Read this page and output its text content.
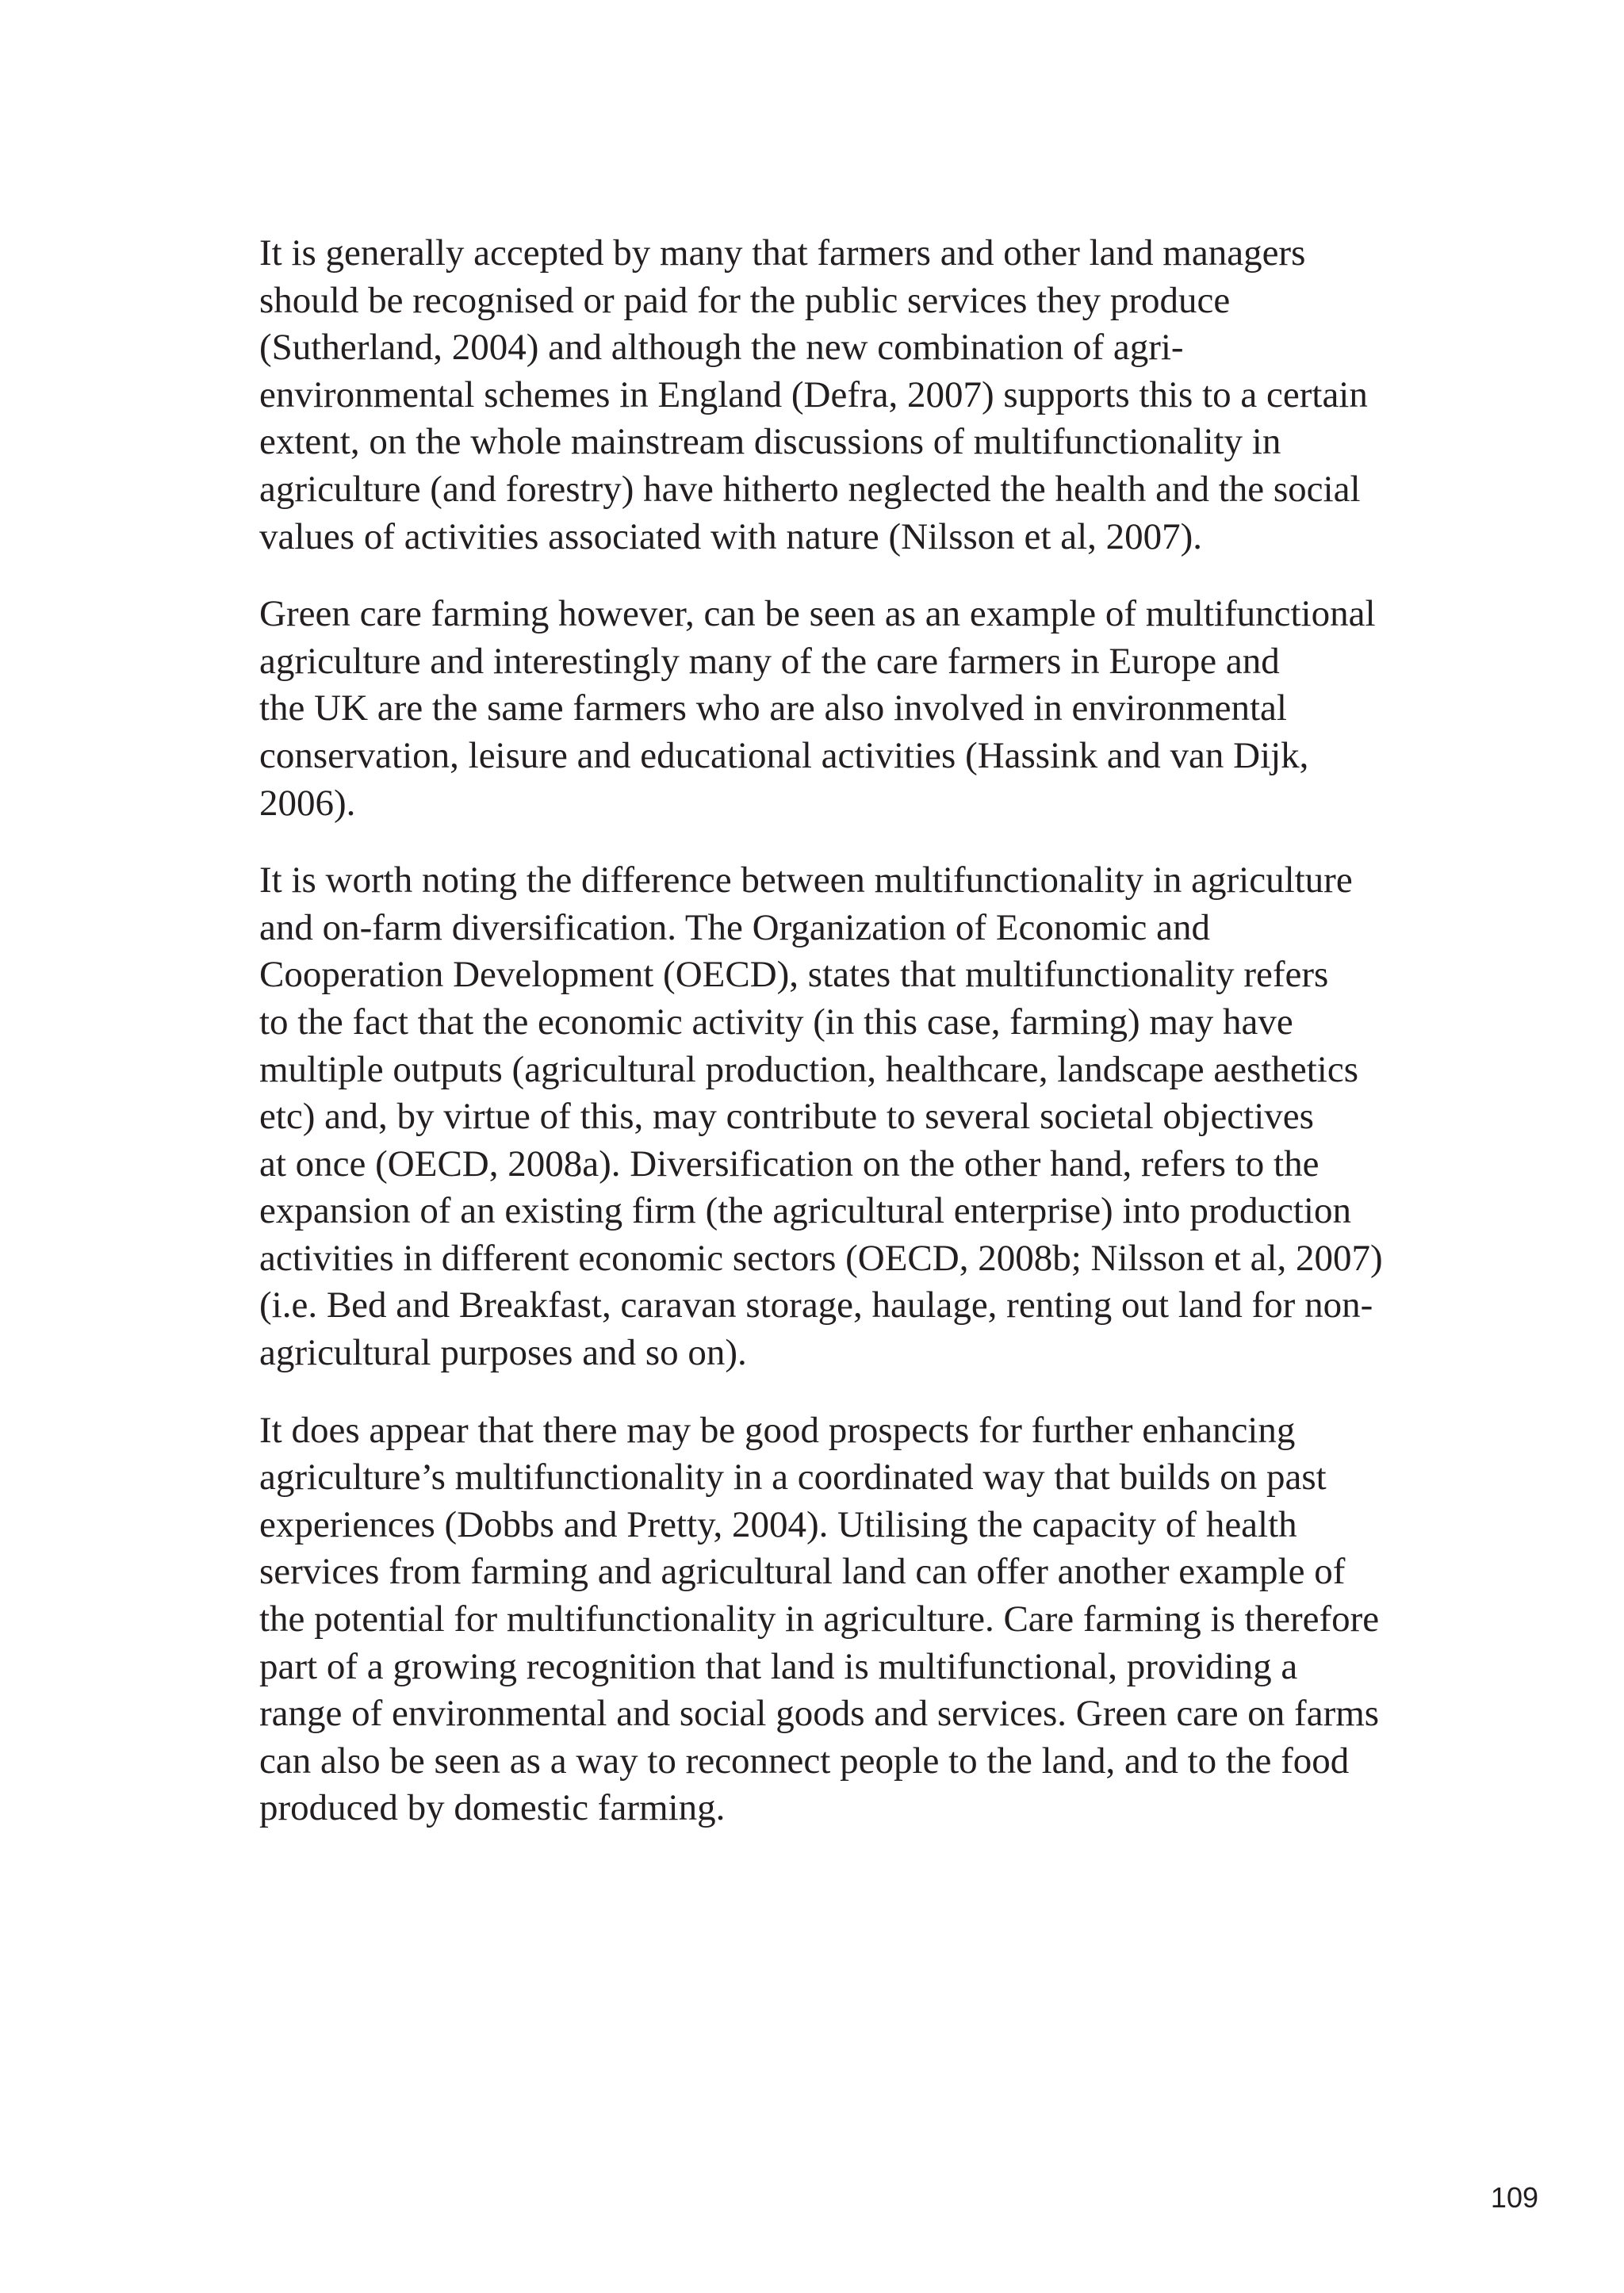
It is generally accepted by many that farmers and other land managers
should be recognised or paid for the public services they produce
(Sutherland, 2004) and although the new combination of agri-
environmental schemes in England (Defra, 2007) supports this to a certain
extent, on the whole mainstream discussions of multifunctionality in
agriculture (and forestry) have hitherto neglected the health and the social
values of activities associated with nature (Nilsson et al, 2007).

Green care farming however, can be seen as an example of multifunctional
agriculture and interestingly many of the care farmers in Europe and
the UK are the same farmers who are also involved in environmental
conservation, leisure and educational activities (Hassink and van Dijk,
2006).

It is worth noting the difference between multifunctionality in agriculture
and on-farm diversification. The Organization of Economic and
Cooperation Development (OECD), states that multifunctionality refers
to the fact that the economic activity (in this case, farming) may have
multiple outputs (agricultural production, healthcare, landscape aesthetics
etc) and, by virtue of this, may contribute to several societal objectives
at once (OECD, 2008a). Diversification on the other hand, refers to the
expansion of an existing firm (the agricultural enterprise) into production
activities in different economic sectors (OECD, 2008b; Nilsson et al, 2007)
(i.e. Bed and Breakfast, caravan storage, haulage, renting out land for non-
agricultural purposes and so on).

It does appear that there may be good prospects for further enhancing
agriculture’s multifunctionality in a coordinated way that builds on past
experiences (Dobbs and Pretty, 2004). Utilising the capacity of health
services from farming and agricultural land can offer another example of
the potential for multifunctionality in agriculture. Care farming is therefore
part of a growing recognition that land is multifunctional, providing a
range of environmental and social goods and services. Green care on farms
can also be seen as a way to reconnect people to the land, and to the food
produced by domestic farming.

109
